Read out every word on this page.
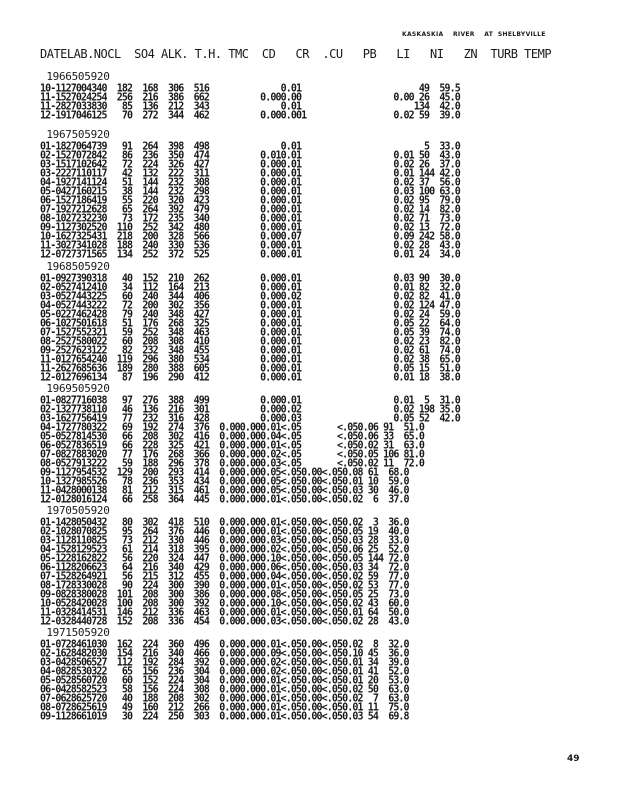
KASKASKIA    RIVER    AT  SHELBYVILLE
DATELAB.NOCL  SO4 ALK. T.H. TMC  CD   CR  .CU   PB   LI   NI   ZN  TURB TEMP
1966505920
10-1127004340  182  168  306  516              0.01                       49  59.5
11-1527024254  256  216  386  662          0.000.00                  0.00 26  45.0
11-2827033830   85  136  212  343              0.01                      134  42.0
12-1917046125   70  272  344  462          0.000.001                 0.02 59  39.0
1967505920
01-1827064739   91  264  398  498              0.01                        5  33.0
02-1527072842   86  236  350  474          0.010.01                  0.01 50  43.0
03-1517102642   72  224  326  427          0.000.01                  0.02 26  37.0
03-2227110117   42  132  222  311          0.000.01                  0.01 144 42.0
04-1927141124   51  144  232  308          0.000.01                  0.02 37  56.0
05-0427160215   38  144  232  298          0.000.01                  0.03 100 63.0
06-1527186419   55  220  320  423          0.000.01                  0.02 95  79.0
07-1927212628   65  264  392  479          0.000.01                  0.02 14  82.0
08-1027232230   73  172  235  340          0.000.01                  0.02 71  73.0
09-1127302520  110  252  342  480          0.000.01                  0.02 13  72.0
10-1627325431  218  200  328  566          0.000.07                  0.09 242 58.0
11-3027341028  188  240  330  536          0.000.01                  0.02 28  43.0
12-0727371565  134  252  372  525          0.000.01                  0.01 24  34.0
1968505920
01-0927390318   40  152  210  262          0.000.01                  0.03 90  30.0
02-0527412410   34  112  164  213          0.000.01                  0.01 82  32.0
03-0527443225   60  240  344  406          0.000.02                  0.02 82  41.0
04-0527443222   72  200  302  356          0.000.01                  0.02 124 47.0
05-0227462428   79  240  348  427          0.000.01                  0.02 24  59.0
06-1027501618   51  176  268  325          0.000.01                  0.05 22  64.0
07-1527552321   59  252  348  463          0.000.01                  0.05 39  74.0
08-2527580022   60  208  308  410          0.000.01                  0.02 23  82.0
09-2527623122   82  232  348  455          0.000.01                  0.02 61  74.0
11-0127654240  119  296  380  534          0.000.01                  0.02 38  65.0
11-2627685636  189  280  388  605          0.000.01                  0.05 15  51.0
12-0127696134   87  196  290  412          0.000.01                  0.01 18  38.0
1969505920
01-0827716038   97  276  388  499          0.000.01                  0.01  5  31.0
02-1327738110   46  136  216  301          0.000.02                  0.02 198 35.0
03-1627756419   77  232  316  428          0.000.03                  0.05 52  42.0
04-1727780322   69  192  274  376  0.000.000.01<.05       <.050.06 91  51.0
05-0527814530   66  208  302  416  0.000.000.04<.05       <.050.06 33  65.0
06-0527836519   66  228  325  421  0.000.000.01<.05       <.050.02 31  63.0
07-0827883020   77  176  268  366  0.000.000.02<.05       <.050.05 106 81.0
08-0527913222   59  188  296  378  0.000.000.03<.05       <.050.02 11  72.0
09-1127954532  129  200  293  414  0.000.000.05<.050.00<.050.08 61  68.0
10-1327985526   78  236  353  434  0.000.000.05<.050.00<.050.01 10  59.0
11-0428000138   81  212  315  461  0.000.000.05<.050.00<.050.03 30  46.0
12-0128016124   66  258  364  445  0.000.000.01<.050.00<.050.02  6  37.0
1970505920
01-1428050432   80  302  418  510  0.000.000.01<.050.00<.050.02  3  36.0
02-1028070825   95  264  376  446  0.000.000.01<.050.00<.050.05 19  40.0
03-1128110825   73  212  330  446  0.000.000.03<.050.00<.050.03 28  33.0
04-1528129523   61  214  318  395  0.000.000.02<.050.00<.050.06 25  52.0
05-1228162822   56  220  324  447  0.000.000.10<.050.00<.050.05 144 72.0
06-1128206623   64  216  340  429  0.000.000.06<.050.00<.050.03 34  72.0
07-1528264921   56  215  312  455  0.000.000.04<.050.00<.050.02 59  77.0
08-1728330028   90  224  300  390  0.000.000.01<.050.00<.050.02 53  77.0
09-0828380028  101  208  300  386  0.000.000.08<.050.00<.050.05 25  73.0
10-0528420028  100  208  300  392  0.000.000.10<.050.00<.050.02 43  60.0
11-0328414531  146  212  336  463  0.000.000.01<.050.00<.050.01 64  50.0
12-0328440728  152  208  336  454  0.000.000.03<.050.00<.050.02 28  43.0
1971505920
01-0728461030  162  224  360  496  0.000.000.01<.050.00<.050.02  8  32.0
02-1628482030  154  216  340  466  0.000.000.09<.050.00<.050.10 45  36.0
03-0428506527  112  192  284  392  0.000.000.02<.050.00<.050.01 34  39.0
04-0828530322   65  156  236  304  0.000.000.02<.050.00<.050.01 41  52.0
05-0528560720   60  152  224  304  0.000.000.01<.050.00<.050.01 20  53.0
06-0428582523   58  156  224  308  0.000.000.01<.050.00<.050.02 50  63.0
07-0628625720   40  188  208  302  0.000.000.01<.050.00<.050.02  7  63.0
08-0728625619   49  160  212  266  0.000.000.01<.050.00<.050.01 11  75.0
09-1128661019   30  224  250  303  0.000.000.01<.050.00<.050.03 54  69.8
49
